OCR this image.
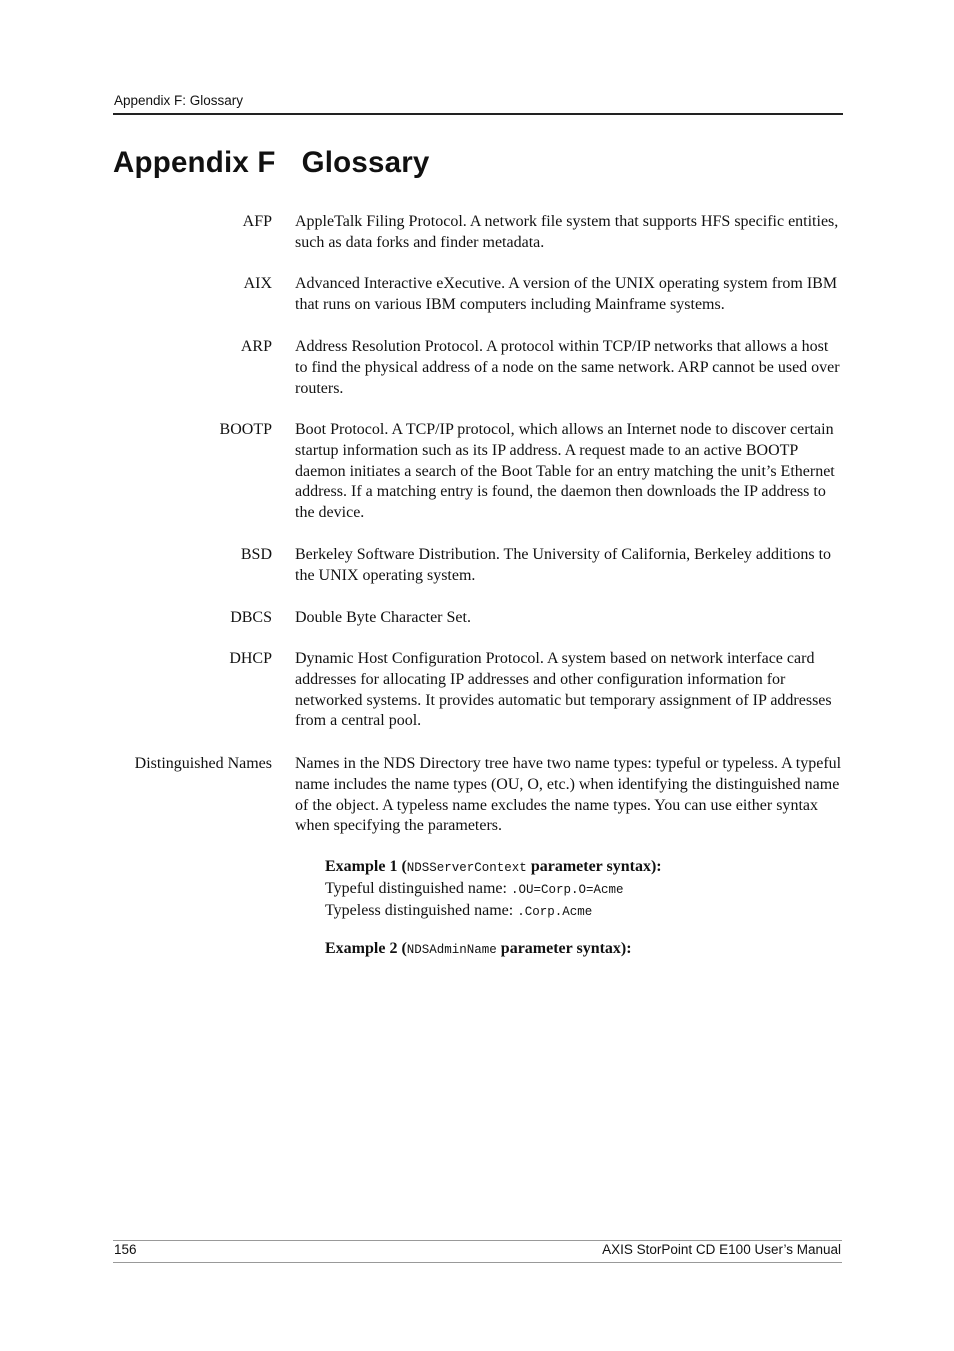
Appendix F: Glossary
Appendix F Glossary
AFP AppleTalk Filing Protocol. A network file system that supports HFS specific entities, such as data forks and finder metadata.
AIX Advanced Interactive eXecutive. A version of the UNIX operating system from IBM that runs on various IBM computers including Mainframe systems.
ARP Address Resolution Protocol. A protocol within TCP/IP networks that allows a host to find the physical address of a node on the same network. ARP cannot be used over routers.
BOOTP Boot Protocol. A TCP/IP protocol, which allows an Internet node to discover certain startup information such as its IP address. A request made to an active BOOTP daemon initiates a search of the Boot Table for an entry matching the unit’s Ethernet address. If a matching entry is found, the daemon then downloads the IP address to the device.
BSD Berkeley Software Distribution. The University of California, Berkeley additions to the UNIX operating system.
DBCS Double Byte Character Set.
DHCP Dynamic Host Configuration Protocol. A system based on network interface card addresses for allocating IP addresses and other configuration information for networked systems. It provides automatic but temporary assignment of IP addresses from a central pool.
Distinguished Names Names in the NDS Directory tree have two name types: typeful or typeless. A typeful name includes the name types (OU, O, etc.) when identifying the distinguished name of the object. A typeless name excludes the name types. You can use either syntax when specifying the parameters.
Example 1 (NDSServerContext parameter syntax):
Typeful distinguished name: .OU=Corp.O=Acme
Typeless distinguished name: .Corp.Acme
Example 2 (NDSAdminName parameter syntax):
156	AXIS StorPoint CD E100 User’s Manual
